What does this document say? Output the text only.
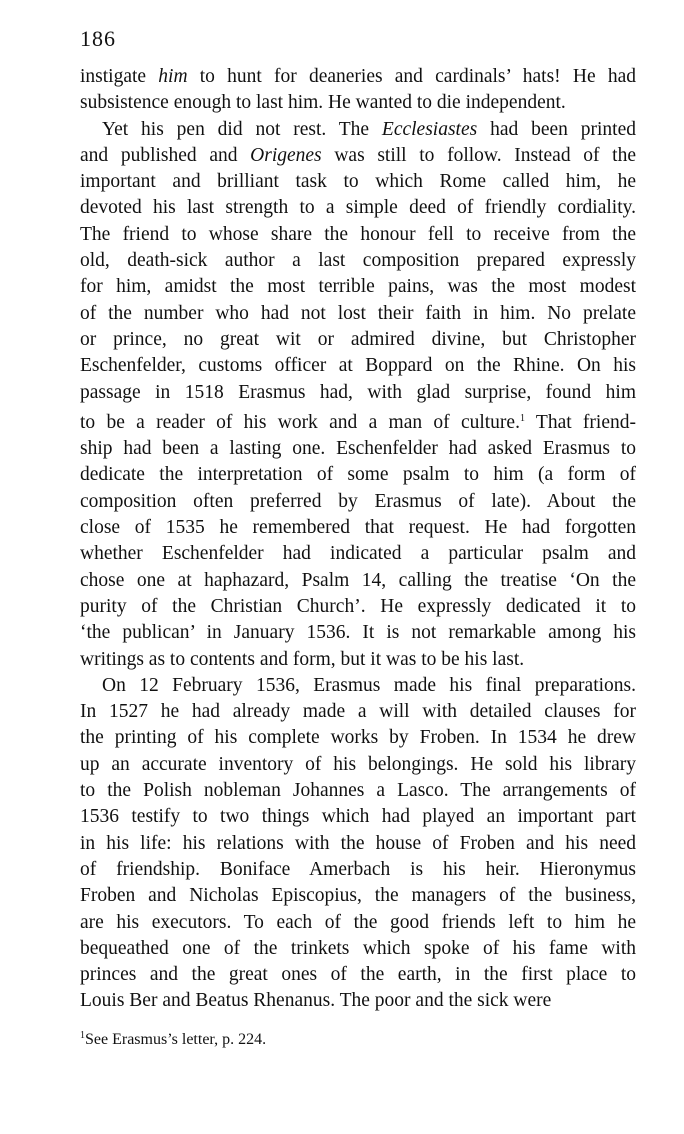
186
instigate him to hunt for deaneries and cardinals’ hats! He had
subsistence enough to last him. He wanted to die independent.
Yet his pen did not rest. The Ecclesiastes had been printed
and published and Origenes was still to follow. Instead of the
important and brilliant task to which Rome called him, he
devoted his last strength to a simple deed of friendly cordiality.
The friend to whose share the honour fell to receive from the
old, death-sick author a last composition prepared expressly
for him, amidst the most terrible pains, was the most modest
of the number who had not lost their faith in him. No prelate
or prince, no great wit or admired divine, but Christopher
Eschenfelder, customs officer at Boppard on the Rhine. On his
passage in 1518 Erasmus had, with glad surprise, found him
to be a reader of his work and a man of culture.$^1$ That friend-
ship had been a lasting one. Eschenfelder had asked Erasmus to
dedicate the interpretation of some psalm to him (a form of
composition often preferred by Erasmus of late). About the
close of 1535 he remembered that request. He had forgotten
whether Eschenfelder had indicated a particular psalm and
chose one at haphazard, Psalm 14, calling the treatise ‘On the
purity of the Christian Church’. He expressly dedicated it to
‘the publican’ in January 1536. It is not remarkable among his
writings as to contents and form, but it was to be his last.
On 12 February 1536, Erasmus made his final preparations.
In 1527 he had already made a will with detailed clauses for
the printing of his complete works by Froben. In 1534 he drew
up an accurate inventory of his belongings. He sold his library
to the Polish nobleman Johannes a Lasco. The arrangements of
1536 testify to two things which had played an important part
in his life: his relations with the house of Froben and his need
of friendship. Boniface Amerbach is his heir. Hieronymus
Froben and Nicholas Episcopius, the managers of the business,
are his executors. To each of the good friends left to him he
bequeathed one of the trinkets which spoke of his fame with
princes and the great ones of the earth, in the first place to
Louis Ber and Beatus Rhenanus. The poor and the sick were
$^1$See Erasmus’s letter, p. 224.
